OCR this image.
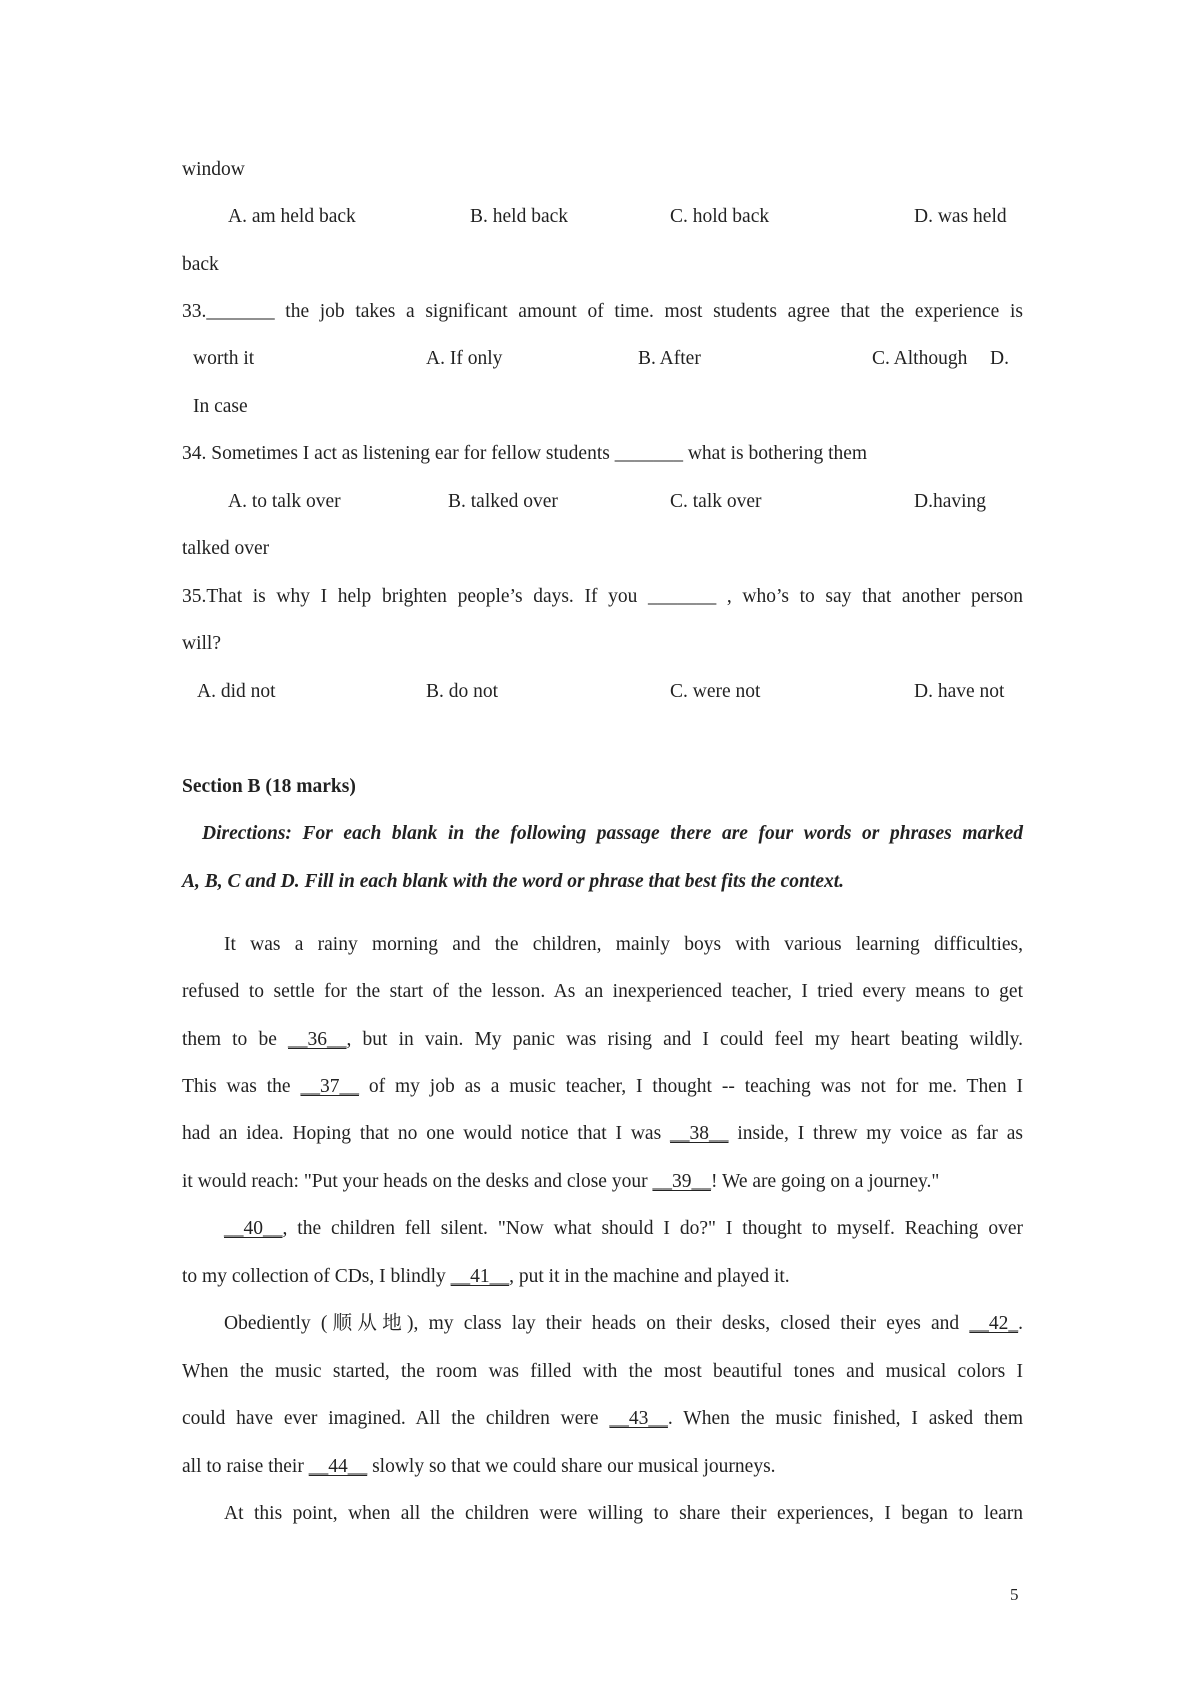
window
A. am held back	B. held back	C. hold back	D. was held
back
33._______ the job takes a significant amount of time. most students agree that the experience is
worth it	A. If only	B. After	C. Although D.
In case
34. Sometimes I act as listening ear for fellow students _______ what is bothering them
A. to talk over	B. talked over	C. talk over	D.having
talked over
35.That is why I help brighten people’s days. If you _______ , who’s to say that another person
will?
A. did not	B. do not	C. were not	D. have not
Section B (18 marks)
Directions: For each blank in the following passage there are four words or phrases marked
A, B, C and D. Fill in each blank with the word or phrase that best fits the context.
It was a rainy morning and the children, mainly boys with various learning difficulties,
refused to settle for the start of the lesson. As an inexperienced teacher, I tried every means to get
them to be __36__, but in vain. My panic was rising and I could feel my heart beating wildly.
This was the __37__ of my job as a music teacher, I thought -- teaching was not for me. Then I
had an idea. Hoping that no one would notice that I was __38__ inside, I threw my voice as far as
it would reach: "Put your heads on the desks and close your __39__! We are going on a journey."
__40__, the children fell silent. "Now what should I do?" I thought to myself. Reaching over
to my collection of CDs, I blindly __41__, put it in the machine and played it.
Obediently (顺从地), my class lay their heads on their desks, closed their eyes and __42_.
When the music started, the room was filled with the most beautiful tones and musical colors I
could have ever imagined. All the children were __43__. When the music finished, I asked them
all to raise their __44__ slowly so that we could share our musical journeys.
At this point, when all the children were willing to share their experiences, I began to learn
5
